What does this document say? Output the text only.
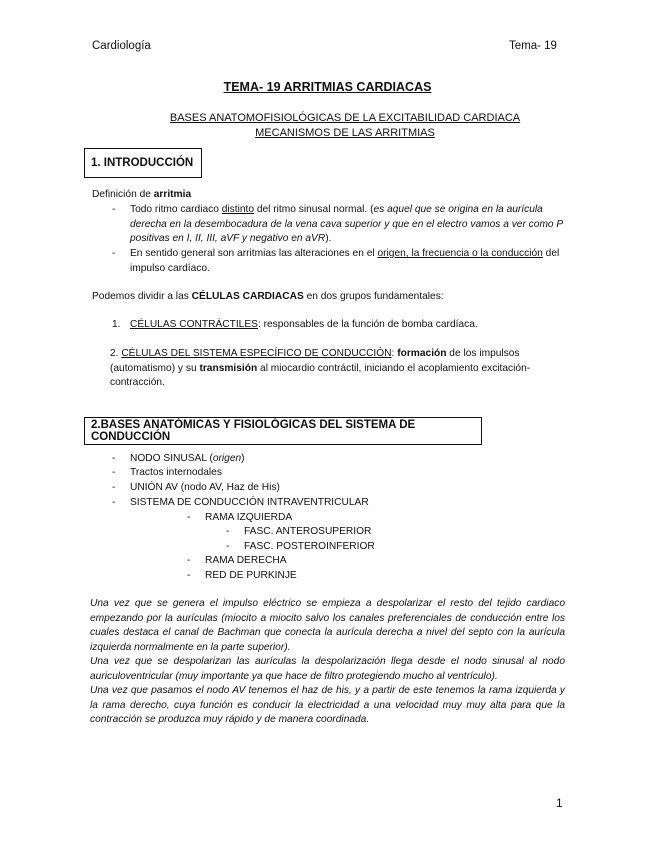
Cardiología	Tema- 19
TEMA- 19 ARRITMIAS CARDIACAS
BASES ANATOMOFISIOLÓGICAS DE LA EXCITABILIDAD CARDIACA
MECANISMOS DE LAS ARRITMIAS
1. INTRODUCCIÓN
Definición de arritmia
-	Todo ritmo cardiaco distinto del ritmo sinusal normal. (es aquel que se origina en la aurícula derecha en la desembocadura de la vena cava superior y que en el electro vamos a ver como P positivas en I, II, III, aVF y negativo en aVR).
-	En sentido general son arritmias las alteraciones en el origen, la frecuencia o la conducción del impulso cardíaco.
Podemos dividir a las CÉLULAS CARDIACAS en dos grupos fundamentales:
1. CÉLULAS CONTRÁCTILES: responsables de la función de bomba cardíaca.
2. CÉLULAS DEL SISTEMA ESPECÍFICO DE CONDUCCIÓN: formación de los impulsos (automatismo) y su transmisión al miocardio contráctil, iniciando el acoplamiento excitación-contracción.
2.BASES ANATÓMICAS Y FISIOLÓGICAS DEL SISTEMA DE CONDUCCIÓN
-	NODO SINUSAL (origen)
-	Tractos internodales
-	UNIÓN AV (nodo AV, Haz de His)
-	SISTEMA DE CONDUCCIÓN INTRAVENTRICULAR
-	RAMA IZQUIERDA
-	FASC. ANTEROSUPERIOR
-	FASC. POSTEROINFERIOR
-	RAMA DERECHA
-	RED DE PURKINJE
Una vez que se genera el impulso eléctrico se empieza a despolarizar el resto del tejido cardiaco empezando por la aurículas (miocito a miocito salvo los canales preferenciales de conducción entre los cuales destaca el canal de Bachman que conecta la aurícula derecha a nivel del septo con la aurícula izquierda normalmente en la parte superior).
Una vez que se despolarizan las aurículas la despolarización llega desde el nodo sinusal al nodo auriculoventricular (muy importante ya que hace de filtro protegiendo mucho al ventrículo).
Una vez que pasamos el nodo AV tenemos el haz de his, y a partir de este tenemos la rama izquierda y la rama derecho, cuya función es conducir la electricidad a una velocidad muy muy alta para que la contracción se produzca muy rápido y de manera coordinada.
1
